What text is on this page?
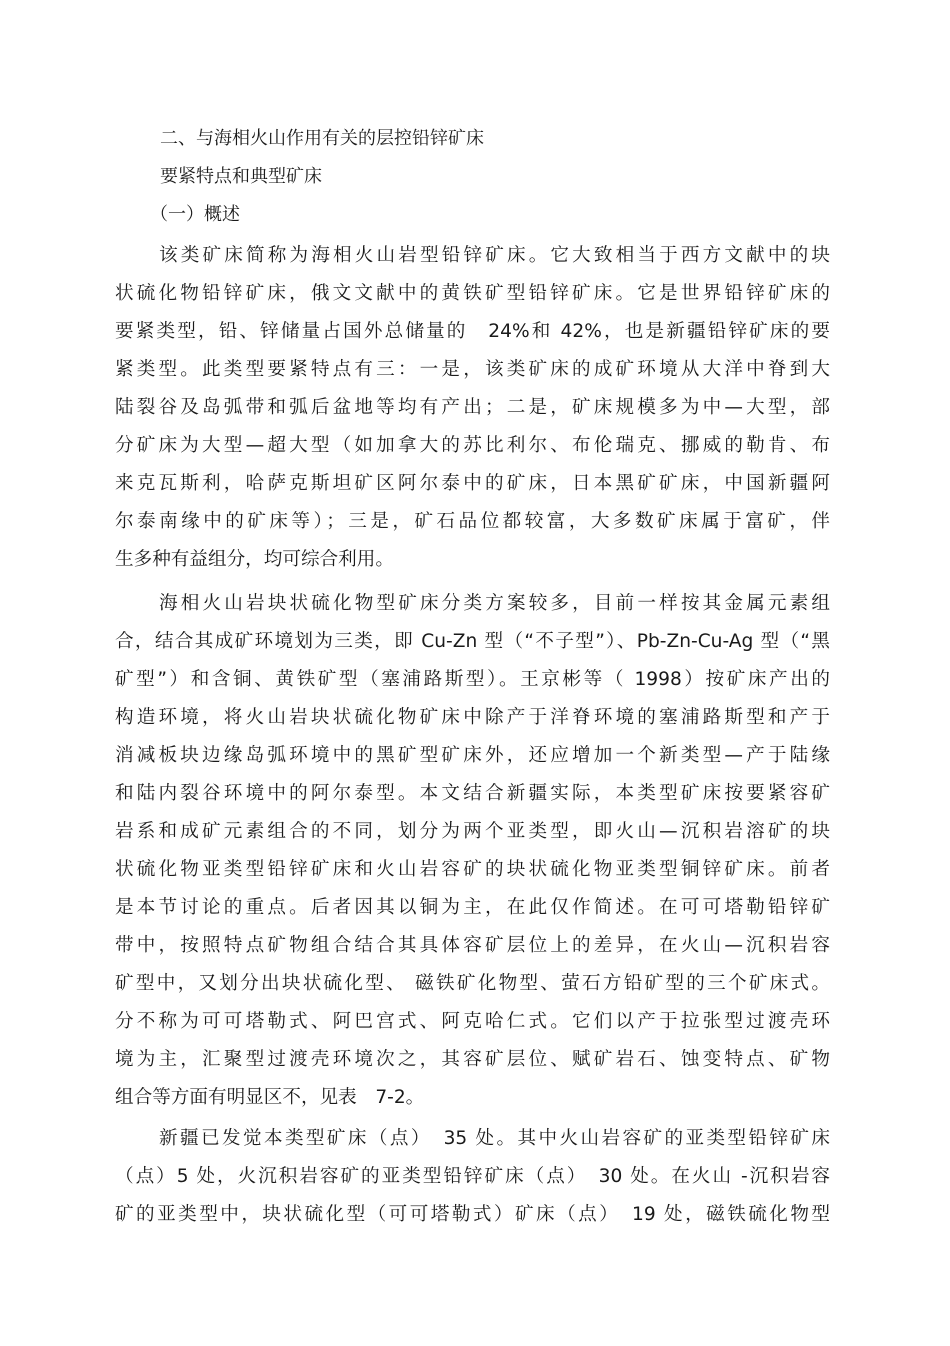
二、与海相火山作用有关的层控铅锌矿床
要紧特点和典型矿床
（一）概述
该类矿床简称为海相火山岩型铅锌矿床。它大致相当于西方文献中的块
状硫化物铅锌矿床，俄文文献中的黄铁矿型铅锌矿床。它是世界铅锌矿床的
要紧类型，铅、锌储量占国外总储量的　24%和 42%，也是新疆铅锌矿床的要
紧类型。此类型要紧特点有三：一是，该类矿床的成矿环境从大洋中脊到大
陆裂谷及岛弧带和弧后盆地等均有产出；二是，矿床规模多为中—大型，部
分矿床为大型—超大型（如加拿大的苏比利尔、布伦瑞克、挪威的勒肯、布
来克瓦斯利，哈萨克斯坦矿区阿尔泰中的矿床，日本黑矿矿床，中国新疆阿
尔泰南缘中的矿床等）；三是，矿石品位都较富，大多数矿床属于富矿，伴
生多种有益组分，均可综合利用。
海相火山岩块状硫化物型矿床分类方案较多，目前一样按其金属元素组
合，结合其成矿环境划为三类，即 Cu-Zn 型（“不子型”）、Pb-Zn-Cu-Ag 型（“黑
矿型”）和含铜、黄铁矿型（塞浦路斯型）。王京彬等（ 1998）按矿床产出的
构造环境，将火山岩块状硫化物矿床中除产于洋脊环境的塞浦路斯型和产于
消减板块边缘岛弧环境中的黑矿型矿床外，还应增加一个新类型—产于陆缘
和陆内裂谷环境中的阿尔泰型。本文结合新疆实际，本类型矿床按要紧容矿
岩系和成矿元素组合的不同，划分为两个亚类型，即火山—沉积岩溶矿的块
状硫化物亚类型铅锌矿床和火山岩容矿的块状硫化物亚类型铜锌矿床。前者
是本节讨论的重点。后者因其以铜为主，在此仅作简述。在可可塔勒铅锌矿
带中，按照特点矿物组合结合其具体容矿层位上的差异，在火山—沉积岩容
矿型中，又划分出块状硫化型、 磁铁矿化物型、萤石方铅矿型的三个矿床式。
分不称为可可塔勒式、阿巴宫式、阿克哈仁式。它们以产于拉张型过渡壳环
境为主，汇聚型过渡壳环境次之，其容矿层位、赋矿岩石、蚀变特点、矿物
组合等方面有明显区不，见表　7-2。
新疆已发觉本类型矿床（点）　35 处。其中火山岩容矿的亚类型铅锌矿床
（点）5 处，火沉积岩容矿的亚类型铅锌矿床（点）　30 处。在火山 -沉积岩容
矿的亚类型中，块状硫化型（可可塔勒式）矿床（点）　19 处，磁铁硫化物型
